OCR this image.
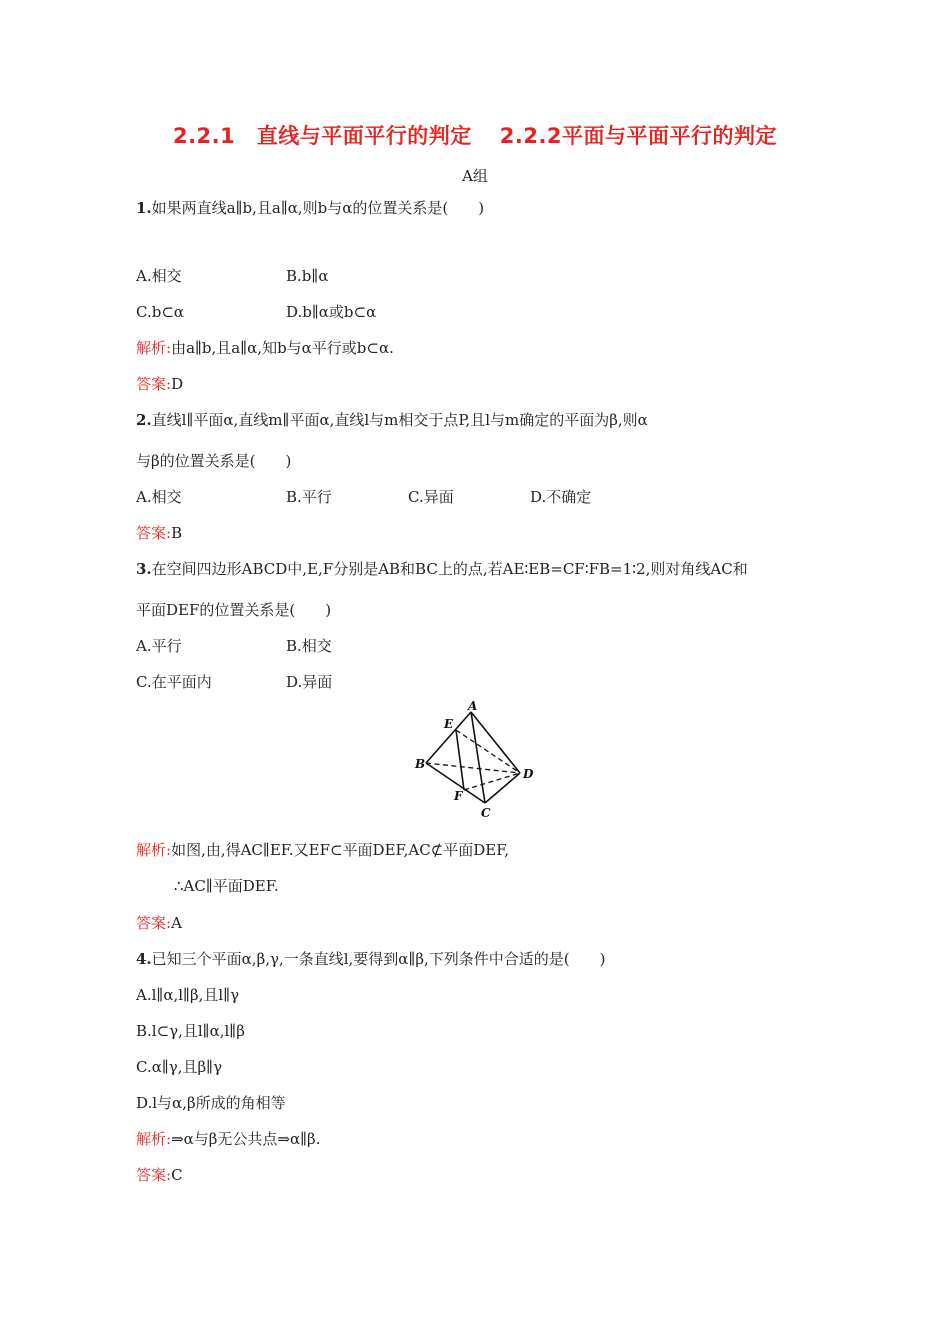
2.2.1　直线与平面平行的判定 2.2.2平面与平面平行的判定
A组
1.如果两直线a∥b,且a∥α,则b与α的位置关系是(　　)
A.相交	B.b∥α
C.b⊂α	D.b∥α或b⊂α
解析:由a∥b,且a∥α,知b与α平行或b⊂α.
答案:D
2.直线l∥平面α,直线m∥平面α,直线l与m相交于点P,且l与m确定的平面为β,则α
与β的位置关系是(　　)
A.相交	B.平行	C.异面	D.不确定
答案:B
3.在空间四边形ABCD中,E,F分别是AB和BC上的点,若AE∶EB=CF∶FB=1∶2,则对角线AC和
平面DEF的位置关系是(　　)
A.平行	B.相交
C.在平面内	D.异面
A
E
B
D
F
C
解析:如图,由,得AC∥EF.又EF⊂平面DEF,AC⊄平面DEF,
∴AC∥平面DEF.
答案:A
4.已知三个平面α,β,γ,一条直线l,要得到α∥β,下列条件中合适的是(　　)
A.l∥α,l∥β,且l∥γ
B.l⊂γ,且l∥α,l∥β
C.α∥γ,且β∥γ
D.l与α,β所成的角相等
解析:⇒α与β无公共点⇒α∥β.
答案:C
